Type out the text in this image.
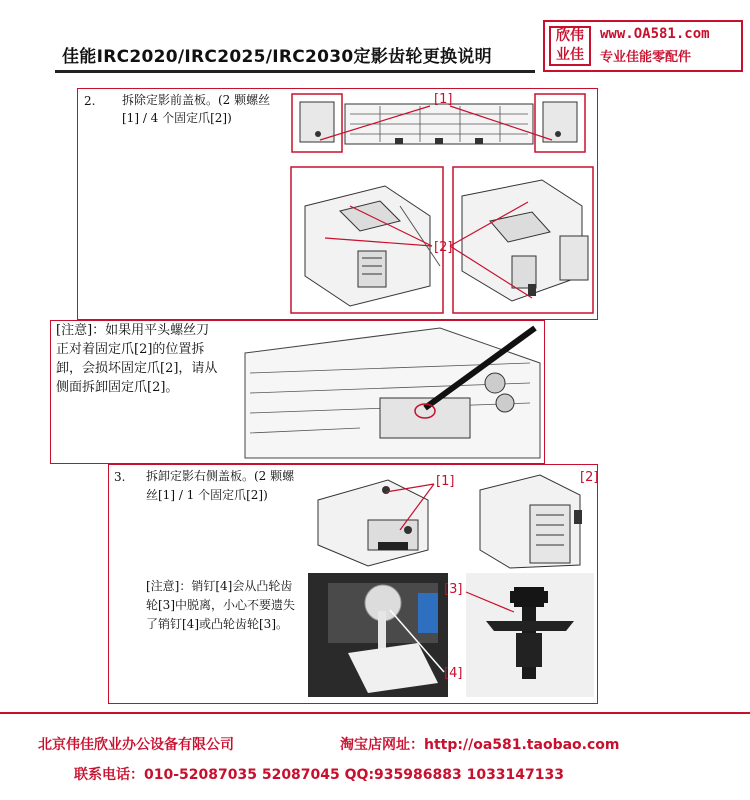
佳能IRC2020/IRC2025/IRC2030定影齿轮更换说明
欣伟
业佳
www.OA581.com
专业佳能零配件
2. 拆除定影前盖板。(2 颗螺丝
[1] / 4 个固定爪[2])
[1]
[2]
[注意]：如果用平头螺丝刀
正对着固定爪[2]的位置拆
卸，会损坏固定爪[2]，请从
侧面拆卸固定爪[2]。
3. 拆卸定影右侧盖板。(2 颗螺
丝[1] / 1 个固定爪[2])
[1]	[2]
[注意]：销钉[4]会从凸轮齿
轮[3]中脱离，小心不要遗失
了销钉[4]或凸轮齿轮[3]。
[4]
[3]
北京伟佳欣业办公设备有限公司	淘宝店网址：http://oa581.taobao.com
联系电话：010-52087035 52087045 QQ:935986883 1033147133
